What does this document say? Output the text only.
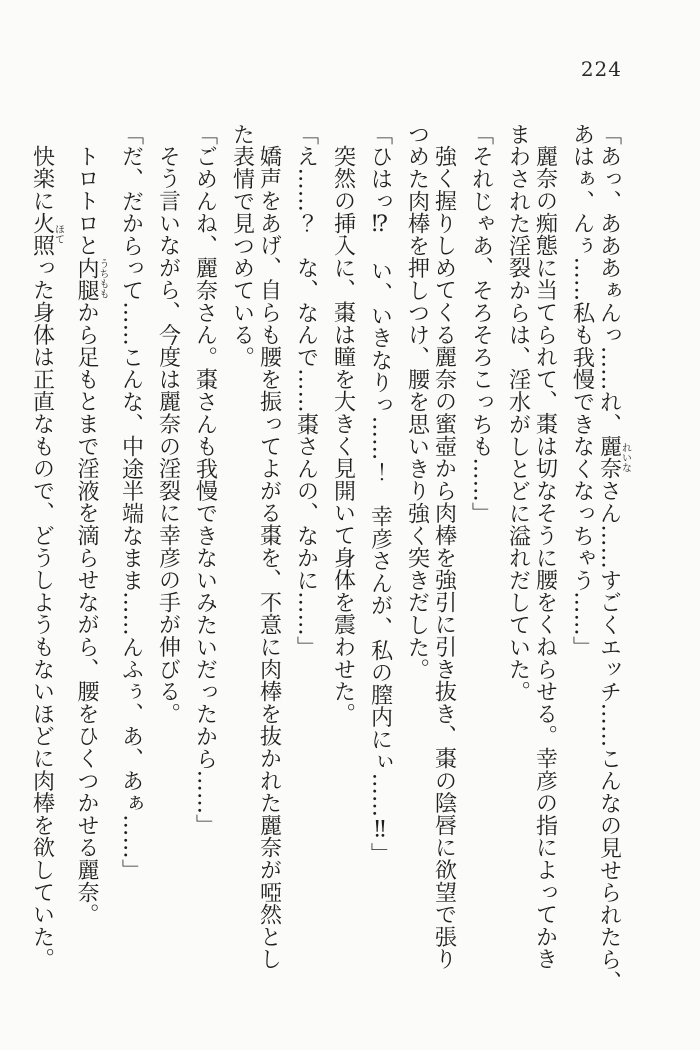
224

「あっ、あああぁんっ……れ、麗奈れいなさん……すごくエッチ……こんなの見せられたら、

あはぁ、んぅ……私も我慢できなくなっちゃう……」

麗奈の痴態に当てられて、棗は切なそうに腰をくねらせる。幸彦の指によってかき

まわされた淫裂からは、淫水がしとどに溢れだしていた。

「それじゃあ、そろそろこっちも……」

強く握りしめてくる麗奈の蜜壺から肉棒を強引に引き抜き、棗の陰唇に欲望で張り

つめた肉棒を押しつけ、腰を思いきり強く突きだした。

「ひはっ⁉　い、いきなりっ……！　幸彦さんが、私の膣内にぃ……‼」

突然の挿入に、棗は瞳を大きく見開いて身体を震わせた。

「え……？　な、なんで……棗さんの、なかに……」

嬌声をあげ、自らも腰を振ってよがる棗を、不意に肉棒を抜かれた麗奈が啞然とし

た表情で見つめている。

「ごめんね、麗奈さん。棗さんも我慢できないみたいだったから……」

そう言いながら、今度は麗奈の淫裂に幸彦の手が伸びる。

「だ、だからって……こんな、中途半端なまま……んふぅ、あ、あぁ……」

トロトロと内腿うちももから足もとまで淫液を滴らせながら、腰をひくつかせる麗奈。

快楽に火照ほてった身体は正直なもので、どうしようもないほどに肉棒を欲していた。
